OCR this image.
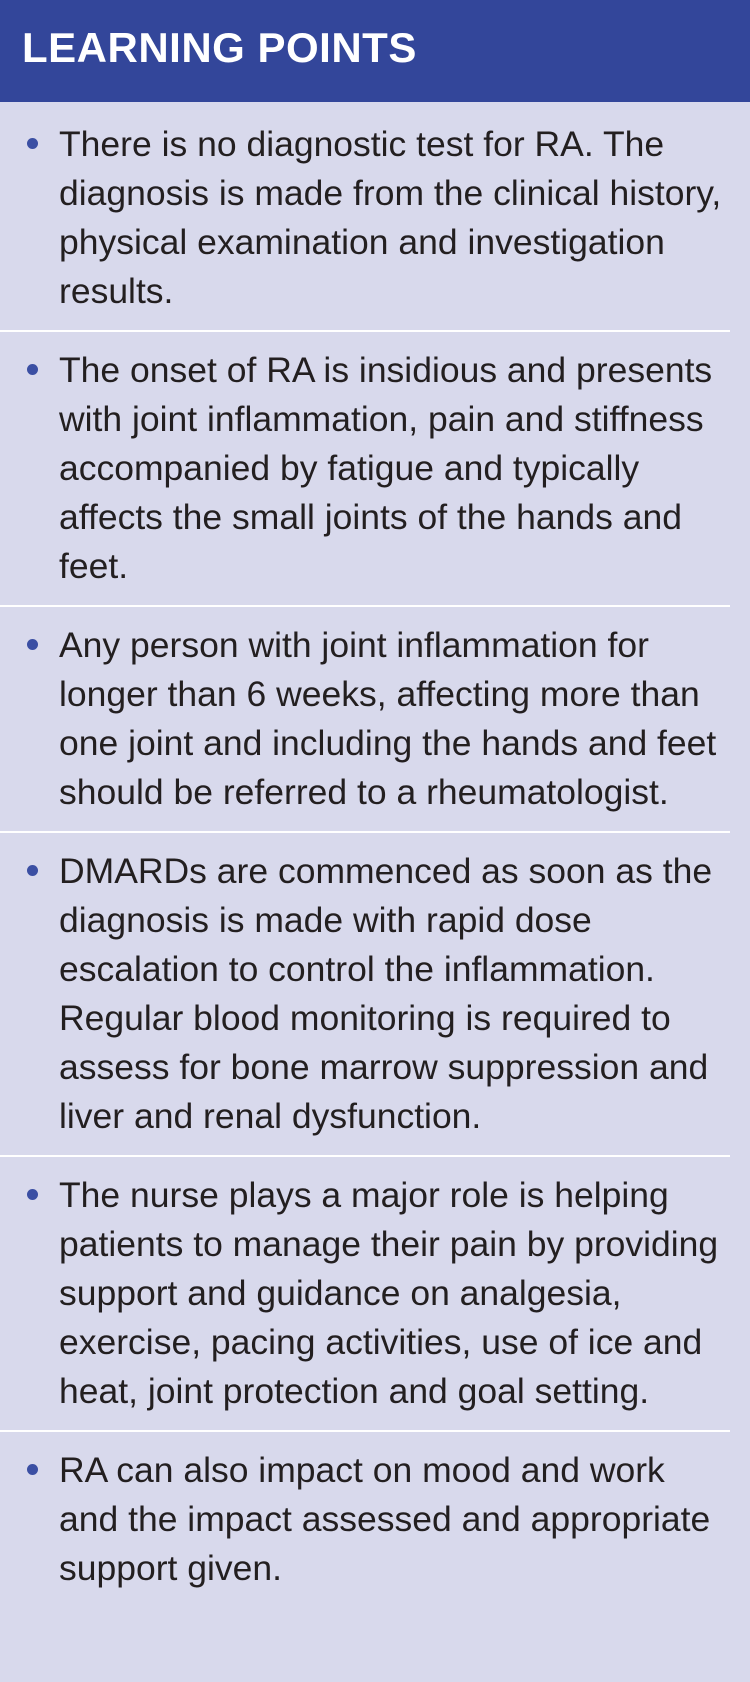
LEARNING POINTS
There is no diagnostic test for RA. The diagnosis is made from the clinical history, physical examination and investigation results.
The onset of RA is insidious and presents with joint inflammation, pain and stiffness accompanied by fatigue and typically affects the small joints of the hands and feet.
Any person with joint inflammation for longer than 6 weeks, affecting more than one joint and including the hands and feet should be referred to a rheumatologist.
DMARDs are commenced as soon as the diagnosis is made with rapid dose escalation to control the inflammation. Regular blood monitoring is required to assess for bone marrow suppression and liver and renal dysfunction.
The nurse plays a major role is helping patients to manage their pain by providing support and guidance on analgesia, exercise, pacing activities, use of ice and heat, joint protection and goal setting.
RA can also impact on mood and work and the impact assessed and appropriate support given.
